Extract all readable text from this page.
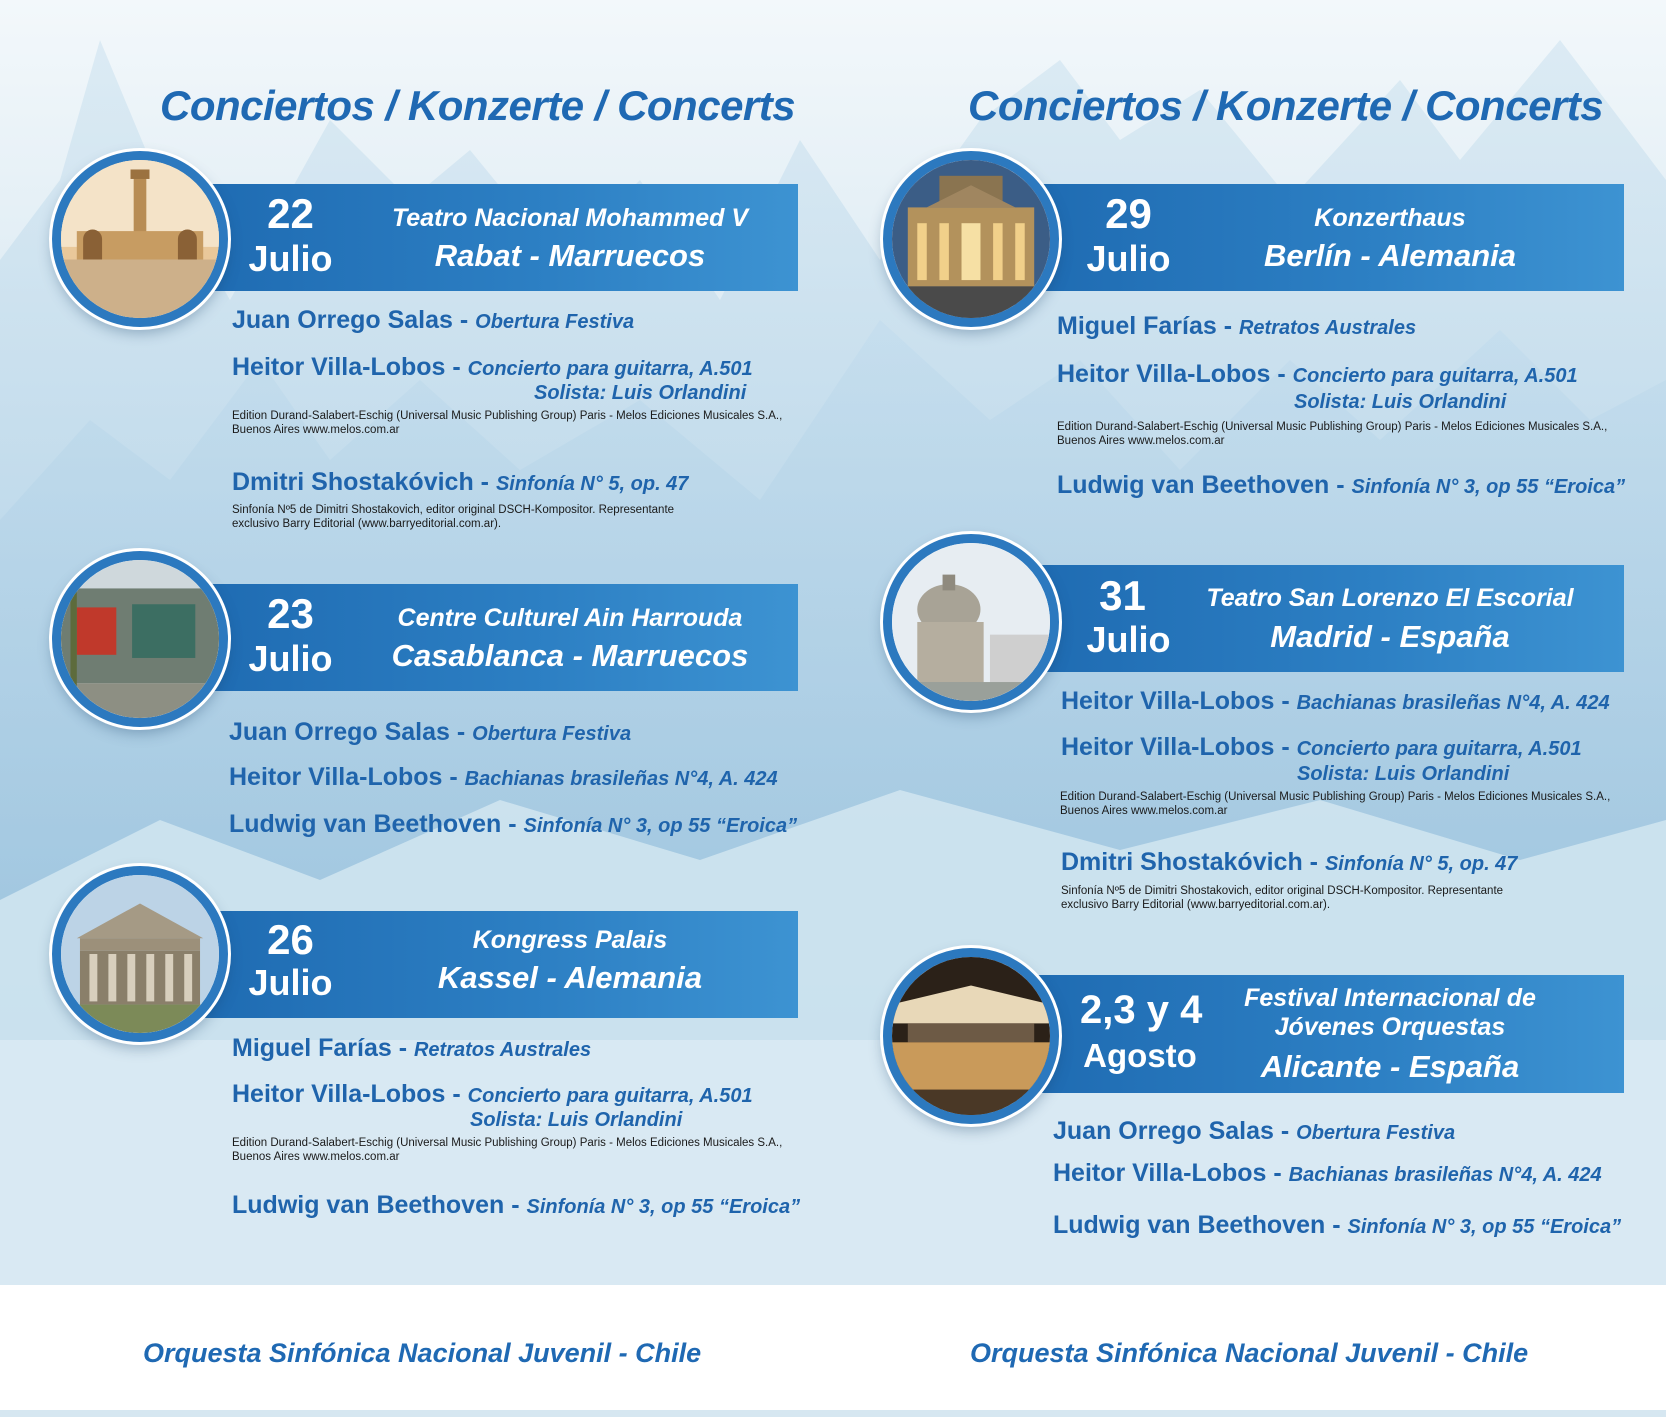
Conciertos / Konzerte / Concerts	Conciertos / Konzerte / Concerts
22
Julio
Teatro Nacional Mohammed V
Rabat - Marruecos
Juan Orrego Salas - Obertura Festiva
Heitor Villa-Lobos - Concierto para guitarra, A.501
Solista: Luis Orlandini
Edition Durand-Salabert-Eschig (Universal Music Publishing Group) Paris - Melos Ediciones Musicales S.A.,
Buenos Aires www.melos.com.ar
Dmitri Shostakóvich - Sinfonía N° 5, op. 47
Sinfonía Nº5 de Dimitri Shostakovich, editor original DSCH-Kompositor. Representante
exclusivo Barry Editorial (www.barryeditorial.com.ar).
23
Julio
Centre Culturel Ain Harrouda
Casablanca - Marruecos
Juan Orrego Salas - Obertura Festiva
Heitor Villa-Lobos - Bachianas brasileñas N°4, A. 424
Ludwig van Beethoven - Sinfonía N° 3, op 55 “Eroica”
26
Julio
Kongress Palais
Kassel - Alemania
Miguel Farías - Retratos Australes
Heitor Villa-Lobos - Concierto para guitarra, A.501
Solista: Luis Orlandini
Edition Durand-Salabert-Eschig (Universal Music Publishing Group) Paris - Melos Ediciones Musicales S.A.,
Buenos Aires www.melos.com.ar
Ludwig van Beethoven - Sinfonía N° 3, op 55 “Eroica”
29
Julio
Konzerthaus
Berlín - Alemania
Miguel Farías - Retratos Australes
Heitor Villa-Lobos - Concierto para guitarra, A.501
Solista: Luis Orlandini
Edition Durand-Salabert-Eschig (Universal Music Publishing Group) Paris - Melos Ediciones Musicales S.A.,
Buenos Aires www.melos.com.ar
Ludwig van Beethoven - Sinfonía N° 3, op 55 “Eroica”
31
Julio
Teatro San Lorenzo El Escorial
Madrid - España
Heitor Villa-Lobos - Bachianas brasileñas N°4, A. 424
Heitor Villa-Lobos - Concierto para guitarra, A.501
Solista: Luis Orlandini
Edition Durand-Salabert-Eschig (Universal Music Publishing Group) Paris - Melos Ediciones Musicales S.A.,
Buenos Aires www.melos.com.ar
Dmitri Shostakóvich - Sinfonía N° 5, op. 47
Sinfonía Nº5 de Dimitri Shostakovich, editor original DSCH-Kompositor. Representante
exclusivo Barry Editorial (www.barryeditorial.com.ar).
2,3 y 4
Agosto
Festival Internacional de
Jóvenes Orquestas
Alicante - España
Juan Orrego Salas - Obertura Festiva
Heitor Villa-Lobos - Bachianas brasileñas N°4, A. 424
Ludwig van Beethoven - Sinfonía N° 3, op 55 “Eroica”
Orquesta Sinfónica Nacional Juvenil - Chile	Orquesta Sinfónica Nacional Juvenil - Chile
